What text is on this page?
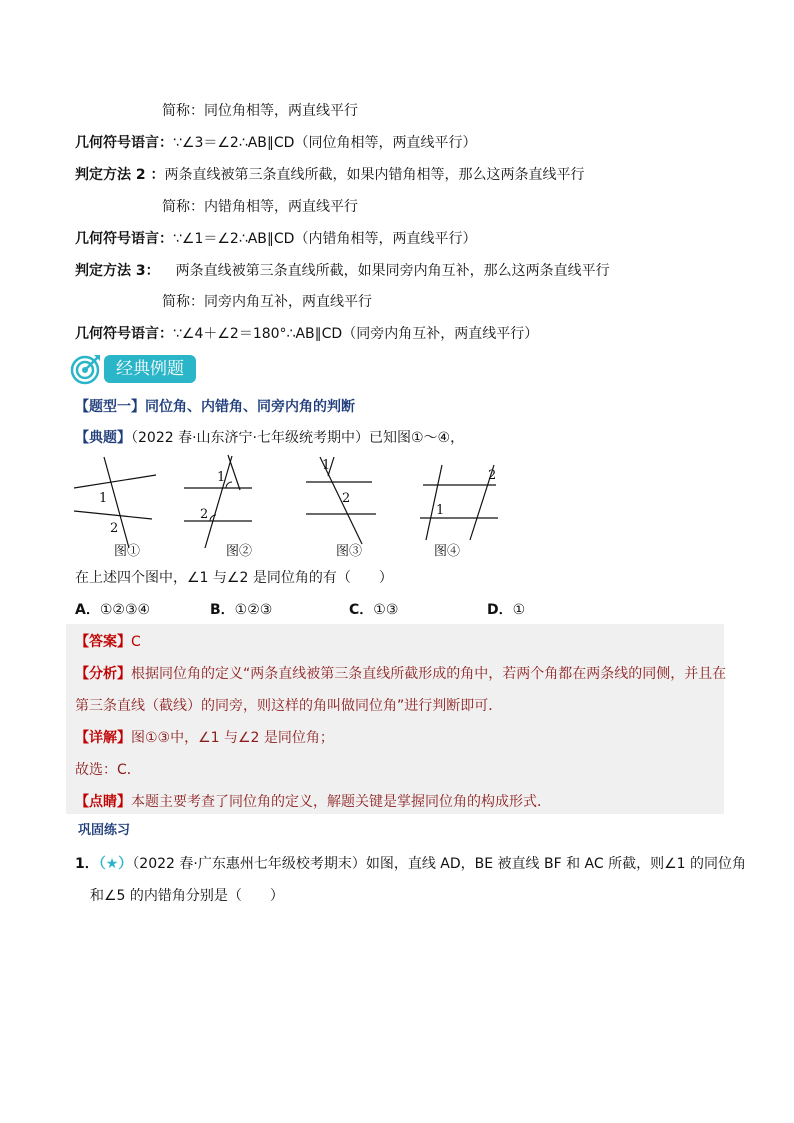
简称：同位角相等，两直线平行
几何符号语言：∵∠3＝∠2∴AB∥CD（同位角相等，两直线平行）
判定方法 2 ：两条直线被第三条直线所截，如果内错角相等，那么这两条直线平行
简称：内错角相等，两直线平行
几何符号语言：∵∠1＝∠2∴AB∥CD（内错角相等，两直线平行）
判定方法 3： 两条直线被第三条直线所截，如果同旁内角互补，那么这两条直线平行
简称：同旁内角互补，两直线平行
几何符号语言：∵∠4＋∠2＝180°∴AB∥CD（同旁内角互补，两直线平行）
经典例题
【题型一】同位角、内错角、同旁内角的判断
【典题】（2022 春·山东济宁·七年级统考期中）已知图①～④，
1
2
1
2
1
2
1
2
图①	图②	图③	图④
在上述四个图中，∠1 与∠2 是同位角的有（　　）
A．①②③④	B．①②③	C．①③	D．①
【答案】C
【分析】根据同位角的定义“两条直线被第三条直线所截形成的角中，若两个角都在两条线的同侧，并且在
第三条直线（截线）的同旁，则这样的角叫做同位角”进行判断即可．
【详解】图①③中，∠1 与∠2 是同位角；
故选：C．
【点睛】本题主要考查了同位角的定义，解题关键是掌握同位角的构成形式．
巩固练习
1．（★）（2022 春·广东惠州七年级校考期末）如图，直线 AD，BE 被直线 BF 和 AC 所截，则∠1 的同位角
和∠5 的内错角分别是（　　）
